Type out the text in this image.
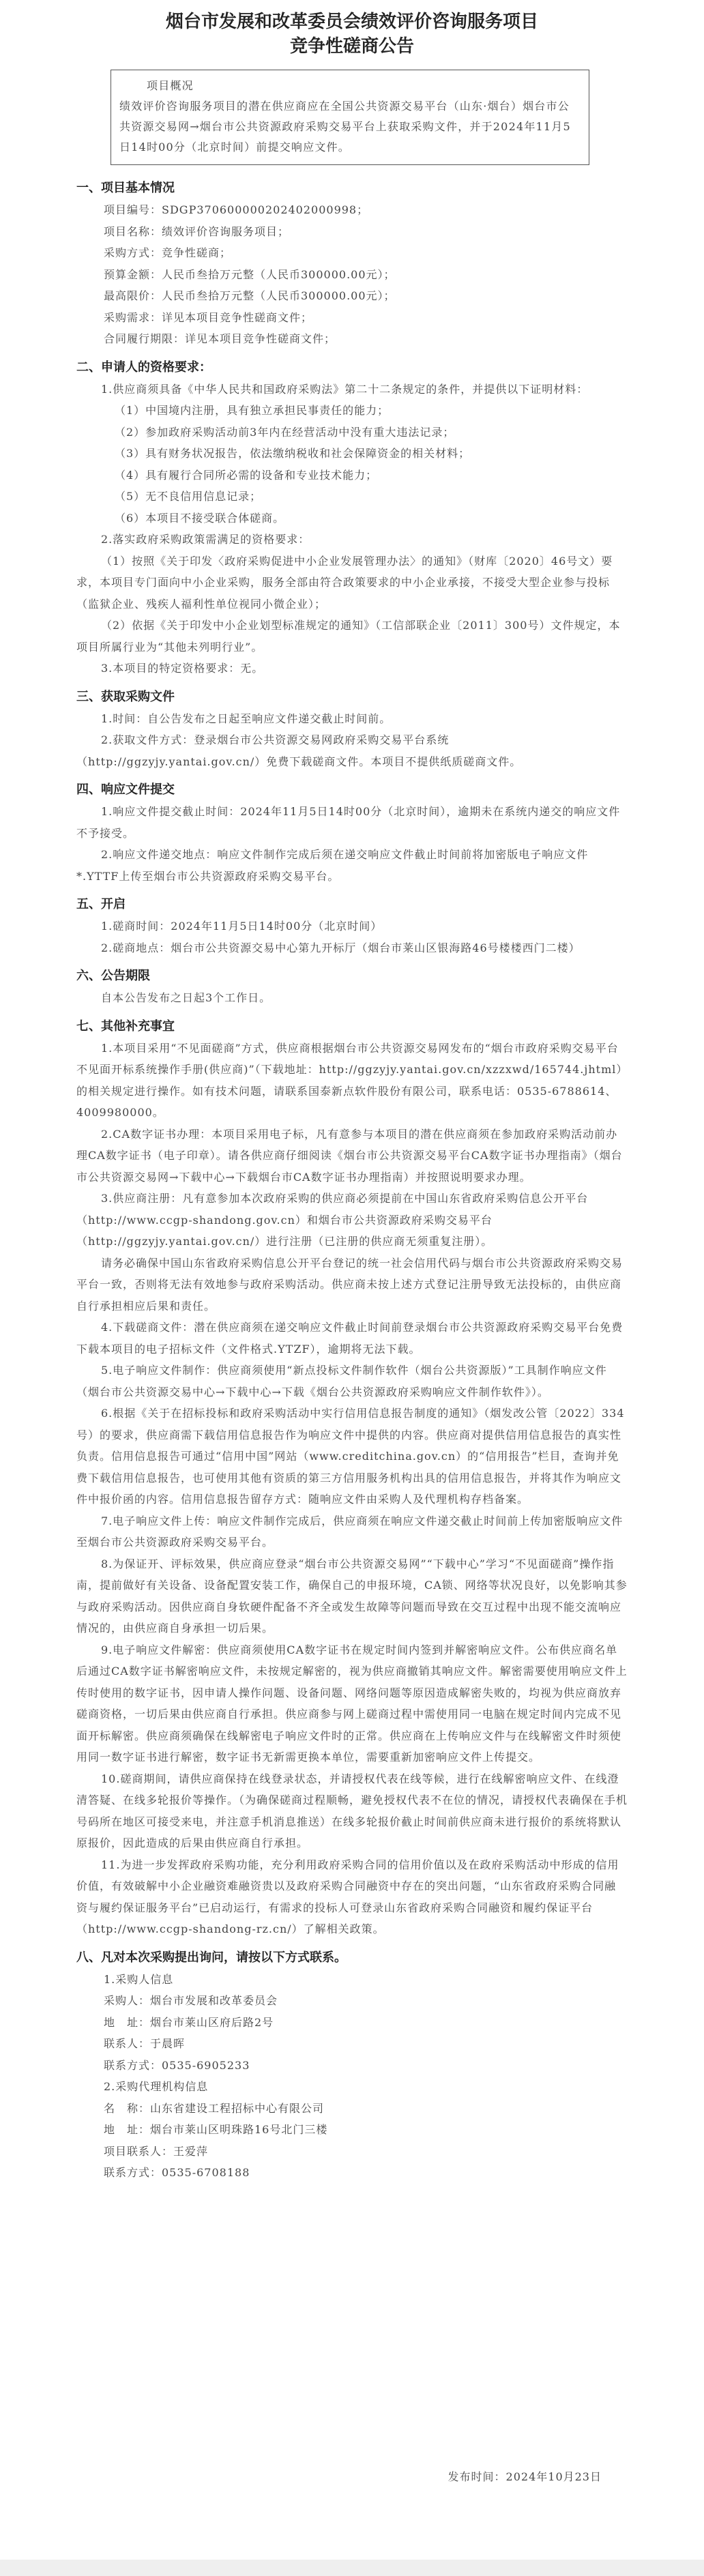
烟台市发展和改革委员会绩效评价咨询服务项目
竞争性磋商公告
项目概况
绩效评价咨询服务项目的潜在供应商应在全国公共资源交易平台（山东·烟台）烟台市公共资源交易网→烟台市公共资源政府采购交易平台上获取采购文件，并于2024年11月5日14时00分（北京时间）前提交响应文件。
一、项目基本情况

项目编号：SDGP370600000202402000998；

项目名称：绩效评价咨询服务项目；

采购方式：竞争性磋商；

预算金额：人民币叁拾万元整（人民币300000.00元）；

最高限价：人民币叁拾万元整（人民币300000.00元）；

采购需求：详见本项目竞争性磋商文件；

合同履行期限：详见本项目竞争性磋商文件；

二、申请人的资格要求：

1.供应商须具备《中华人民共和国政府采购法》第二十二条规定的条件，并提供以下证明材料：

（1）中国境内注册，具有独立承担民事责任的能力；

（2）参加政府采购活动前3年内在经营活动中没有重大违法记录；

（3）具有财务状况报告，依法缴纳税收和社会保障资金的相关材料；

（4）具有履行合同所必需的设备和专业技术能力；

（5）无不良信用信息记录；

（6）本项目不接受联合体磋商。

2.落实政府采购政策需满足的资格要求：

（1）按照《关于印发〈政府采购促进中小企业发展管理办法〉的通知》（财库〔2020〕46号文）要求，本项目专门面向中小企业采购，服务全部由符合政策要求的中小企业承接，不接受大型企业参与投标（监狱企业、残疾人福利性单位视同小微企业）；

（2）依据《关于印发中小企业划型标准规定的通知》（工信部联企业〔2011〕300号）文件规定，本项目所属行业为“其他未列明行业”。

3.本项目的特定资格要求：无。

三、获取采购文件

1.时间：自公告发布之日起至响应文件递交截止时间前。

2.获取文件方式：登录烟台市公共资源交易网政府采购交易平台系统（http://ggzyjy.yantai.gov.cn/）免费下载磋商文件。本项目不提供纸质磋商文件。

四、响应文件提交

1.响应文件提交截止时间：2024年11月5日14时00分（北京时间），逾期未在系统内递交的响应文件不予接受。

2.响应文件递交地点：响应文件制作完成后须在递交响应文件截止时间前将加密版电子响应文件*.YTTF上传至烟台市公共资源政府采购交易平台。

五、开启

1.磋商时间：2024年11月5日14时00分（北京时间）

2.磋商地点：烟台市公共资源交易中心第九开标厅（烟台市莱山区银海路46号楼楼西门二楼）

六、公告期限

自本公告发布之日起3个工作日。

七、其他补充事宜

1.本项目采用“不见面磋商”方式，供应商根据烟台市公共资源交易网发布的“烟台市政府采购交易平台不见面开标系统操作手册(供应商)”（下载地址：http://ggzyjy.yantai.gov.cn/xzzxwd/165744.jhtml）的相关规定进行操作。如有技术问题，请联系国泰新点软件股份有限公司，联系电话：0535-6788614、4009980000。

2.CA数字证书办理：本项目采用电子标，凡有意参与本项目的潜在供应商须在参加政府采购活动前办理CA数字证书（电子印章）。请各供应商仔细阅读《烟台市公共资源交易平台CA数字证书办理指南》（烟台市公共资源交易网→下载中心→下载烟台市CA数字证书办理指南）并按照说明要求办理。

3.供应商注册：凡有意参加本次政府采购的供应商必须提前在中国山东省政府采购信息公开平台（http://www.ccgp-shandong.gov.cn）和烟台市公共资源政府采购交易平台（http://ggzyjy.yantai.gov.cn/）进行注册（已注册的供应商无须重复注册）。

请务必确保中国山东省政府采购信息公开平台登记的统一社会信用代码与烟台市公共资源政府采购交易平台一致，否则将无法有效地参与政府采购活动。供应商未按上述方式登记注册导致无法投标的，由供应商自行承担相应后果和责任。

4.下载磋商文件：潜在供应商须在递交响应文件截止时间前登录烟台市公共资源政府采购交易平台免费下载本项目的电子招标文件（文件格式.YTZF），逾期将无法下载。

5.电子响应文件制作：供应商须使用“新点投标文件制作软件（烟台公共资源版）”工具制作响应文件（烟台市公共资源交易中心→下载中心→下载《烟台公共资源政府采购响应文件制作软件》）。

6.根据《关于在招标投标和政府采购活动中实行信用信息报告制度的通知》（烟发改公管〔2022〕334号）的要求，供应商需下载信用信息报告作为响应文件中提供的内容。供应商对提供信用信息报告的真实性负责。信用信息报告可通过“信用中国”网站（www.creditchina.gov.cn）的“信用报告”栏目，查询并免费下载信用信息报告，也可使用其他有资质的第三方信用服务机构出具的信用信息报告，并将其作为响应文件中报价函的内容。信用信息报告留存方式：随响应文件由采购人及代理机构存档备案。

7.电子响应文件上传：响应文件制作完成后，供应商须在响应文件递交截止时间前上传加密版响应文件至烟台市公共资源政府采购交易平台。

8.为保证开、评标效果，供应商应登录“烟台市公共资源交易网”“下载中心”学习“不见面磋商”操作指南，提前做好有关设备、设备配置安装工作，确保自己的申报环境，CA锁、网络等状况良好，以免影响其参与政府采购活动。因供应商自身软硬件配备不齐全或发生故障等问题而导致在交互过程中出现不能交流响应情况的，由供应商自身承担一切后果。

9.电子响应文件解密：供应商须使用CA数字证书在规定时间内签到并解密响应文件。公布供应商名单后通过CA数字证书解密响应文件，未按规定解密的，视为供应商撤销其响应文件。解密需要使用响应文件上传时使用的数字证书，因申请人操作问题、设备问题、网络问题等原因造成解密失败的，均视为供应商放弃磋商资格，一切后果由供应商自行承担。供应商参与网上磋商过程中需使用同一电脑在规定时间内完成不见面开标解密。供应商须确保在线解密电子响应文件时的正常。供应商在上传响应文件与在线解密文件时须使用同一数字证书进行解密，数字证书无新需更换本单位，需要重新加密响应文件上传提交。

10.磋商期间，请供应商保持在线登录状态，并请授权代表在线等候，进行在线解密响应文件、在线澄清答疑、在线多轮报价等操作。（为确保磋商过程顺畅，避免授权代表不在位的情况，请授权代表确保在手机号码所在地区可接受来电，并注意手机消息推送）在线多轮报价截止时间前供应商未进行报价的系统将默认原报价，因此造成的后果由供应商自行承担。

11.为进一步发挥政府采购功能，充分利用政府采购合同的信用价值以及在政府采购活动中形成的信用价值，有效破解中小企业融资难融资贵以及政府采购合同融资中存在的突出问题，“山东省政府采购合同融资与履约保证服务平台”已启动运行，有需求的投标人可登录山东省政府采购合同融资和履约保证平台（http://www.ccgp-shandong-rz.cn/）了解相关政策。

八、凡对本次采购提出询问，请按以下方式联系。

1.采购人信息

采购人：烟台市发展和改革委员会

地　址：烟台市莱山区府后路2号

联系人：于晨晖

联系方式：0535-6905233

2.采购代理机构信息

名　称：山东省建设工程招标中心有限公司

地　址：烟台市莱山区明珠路16号北门三楼

项目联系人：王爱萍

联系方式：0535-6708188

发布时间：2024年10月23日
